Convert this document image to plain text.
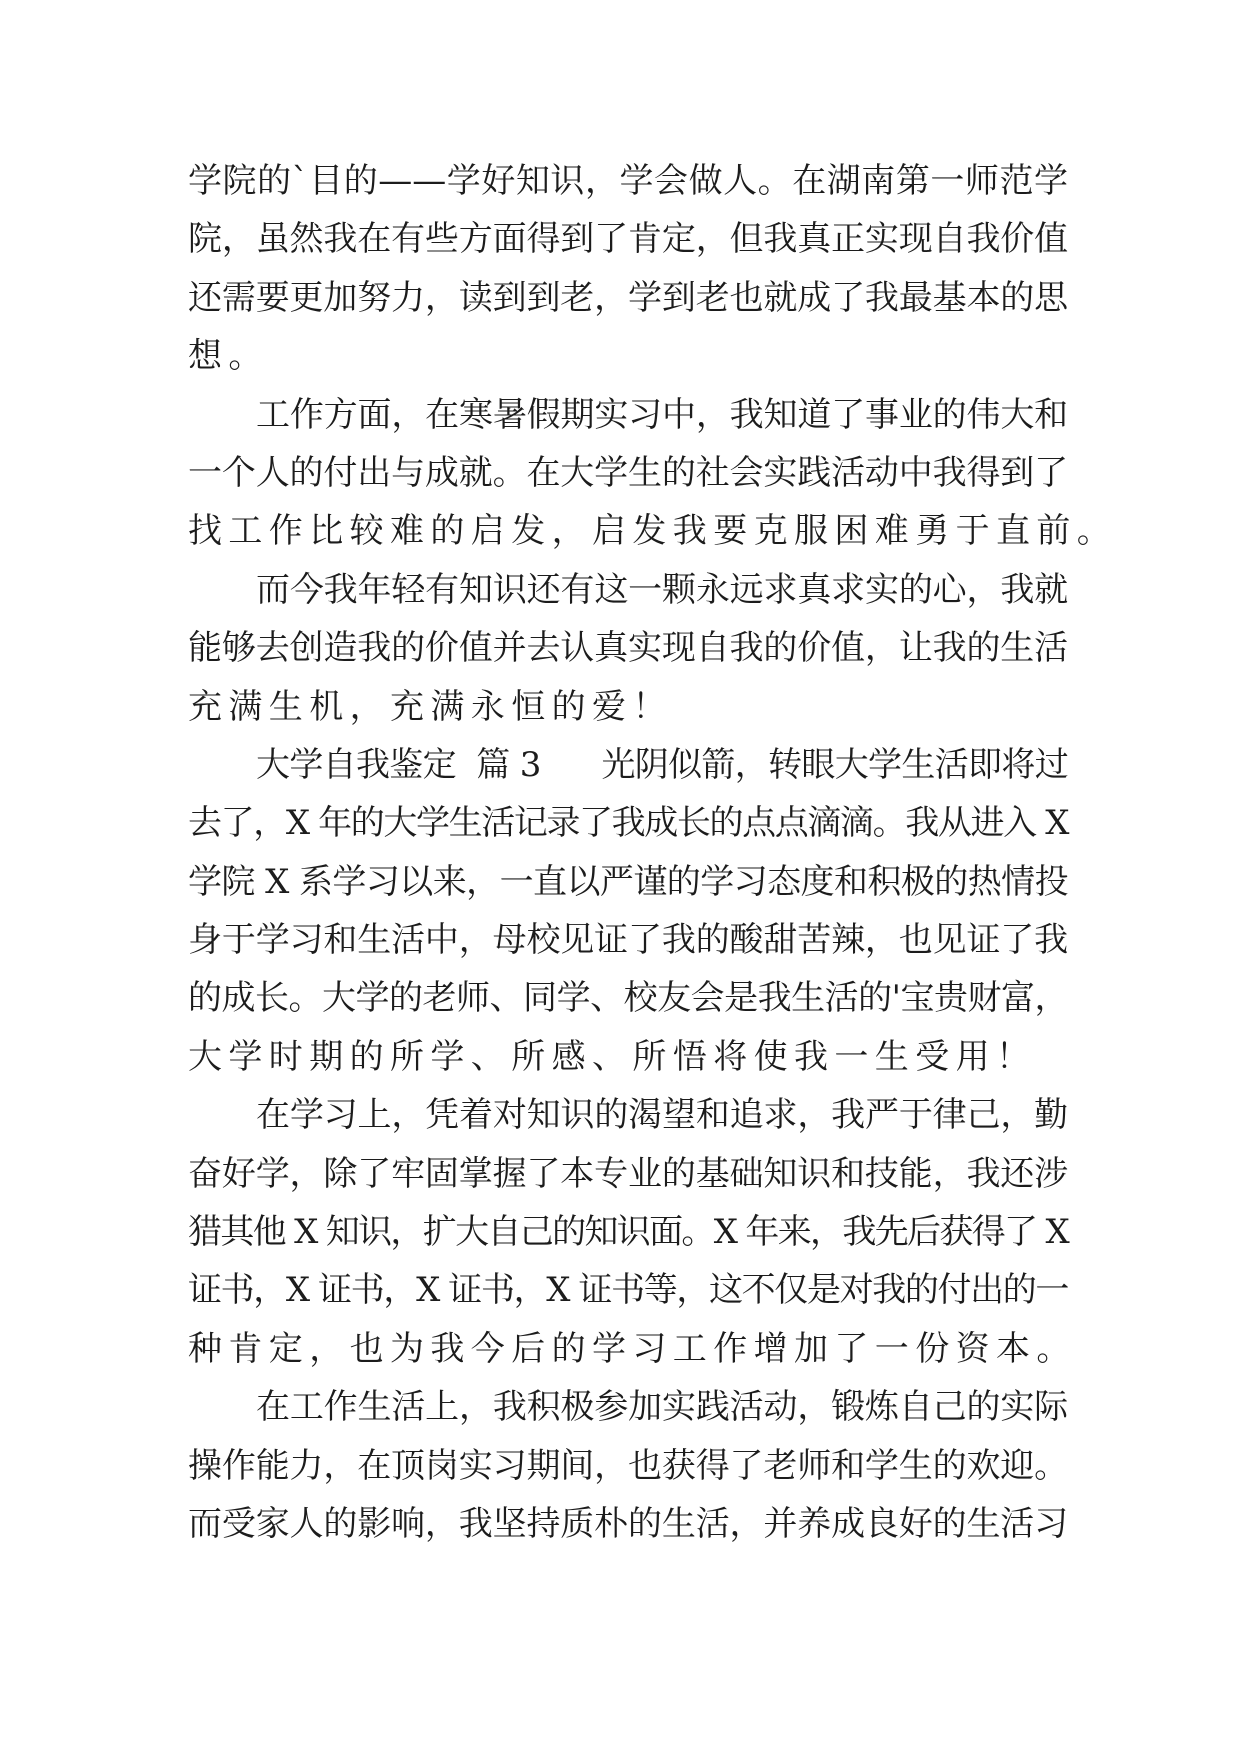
学院的`目的——学好知识，学会做人。在湖南第一师范学
院，虽然我在有些方面得到了肯定，但我真正实现自我价值
还需要更加努力，读到到老，学到老也就成了我最基本的思
想。
工作方面，在寒暑假期实习中，我知道了事业的伟大和
一个人的付出与成就。在大学生的社会实践活动中我得到了
找工作比较难的启发，启发我要克服困难勇于直前。
而今我年轻有知识还有这一颗永远求真求实的心，我就
能够去创造我的价值并去认真实现自我的价值，让我的生活
充满生机，充满永恒的爱！
大学自我鉴定  篇 3      光阴似箭，转眼大学生活即将过
去了，X 年的大学生活记录了我成长的点点滴滴。我从进入 X
学院 X 系学习以来，一直以严谨的学习态度和积极的热情投
身于学习和生活中，母校见证了我的酸甜苦辣，也见证了我
的成长。大学的老师、同学、校友会是我生活的'宝贵财富，
大学时期的所学、所感、所悟将使我一生受用！
在学习上，凭着对知识的渴望和追求，我严于律己，勤
奋好学，除了牢固掌握了本专业的基础知识和技能，我还涉
猎其他 X 知识，扩大自己的知识面。X 年来，我先后获得了 X
证书，X 证书，X 证书，X 证书等，这不仅是对我的付出的一
种肯定，也为我今后的学习工作增加了一份资本。
在工作生活上，我积极参加实践活动，锻炼自己的实际
操作能力，在顶岗实习期间，也获得了老师和学生的欢迎。
而受家人的影响，我坚持质朴的生活，并养成良好的生活习
